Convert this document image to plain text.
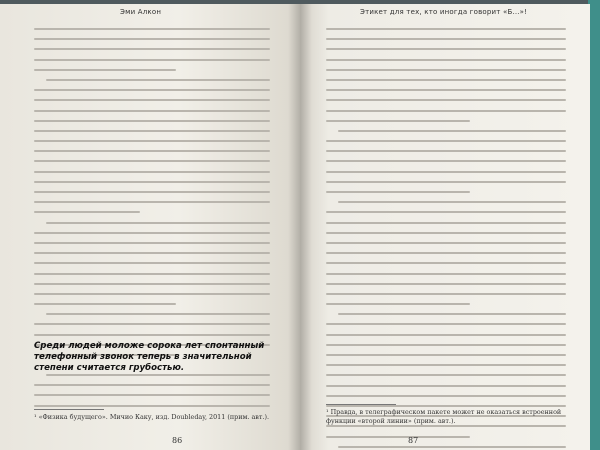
Эми Алкон
Среди людей моложе сорока лет спонтанный телефонный звонок теперь в значительной степени считается грубостью.
¹ «Физика будущего». Мичио Каку, изд. Doubleday, 2011 (прим. авт.).
86
Этикет для тех, кто иногда говорит «Б…»!
¹ Правда, в телеграфическом пакете может не оказаться встроенной функции «второй линии» (прим. авт.).
87
